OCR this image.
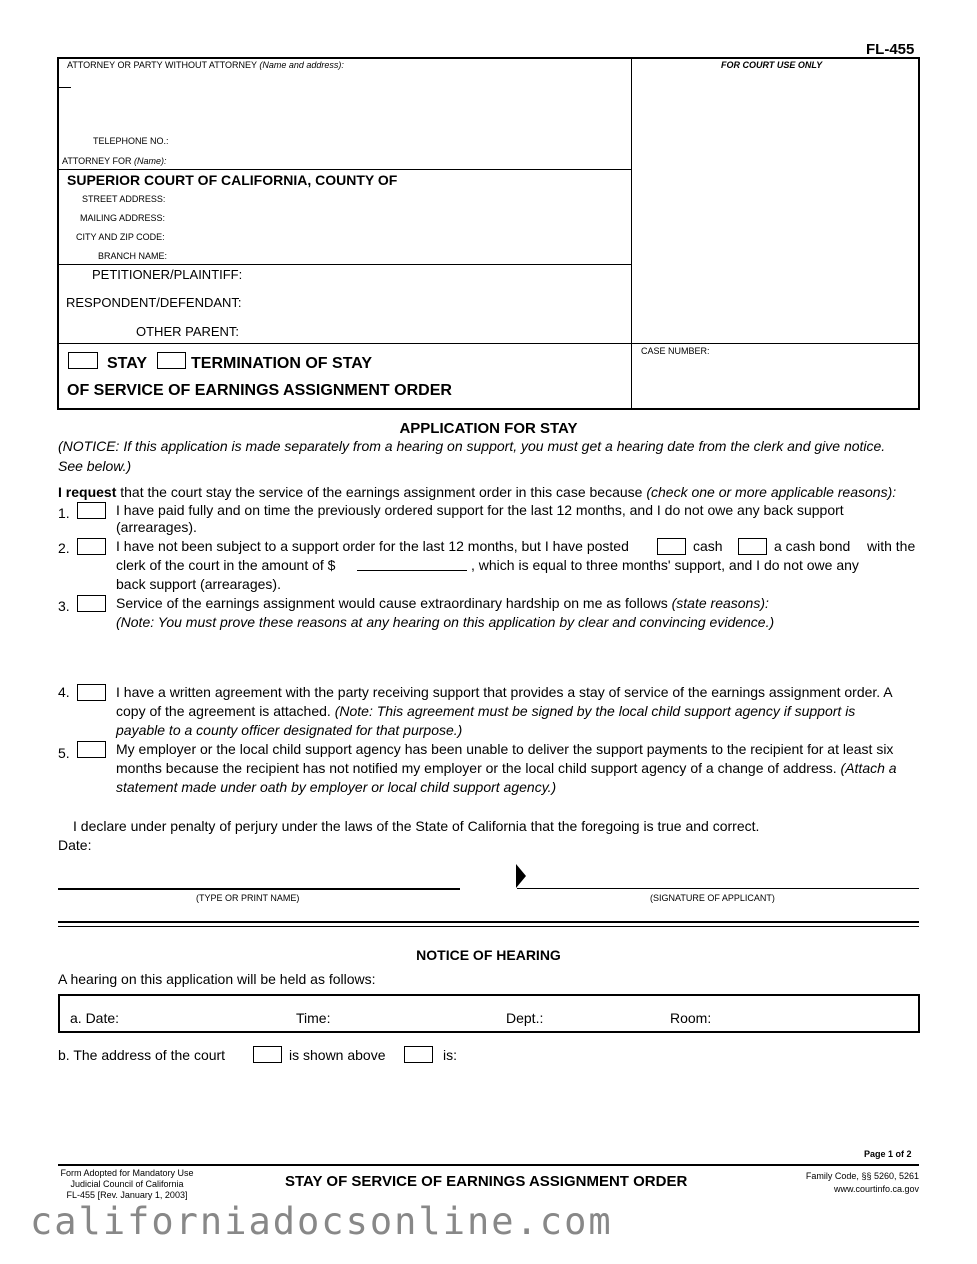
FL-455
ATTORNEY OR PARTY WITHOUT ATTORNEY (Name and address):	FOR COURT USE ONLY
TELEPHONE NO.:
ATTORNEY FOR (Name):
SUPERIOR COURT OF CALIFORNIA, COUNTY OF
STREET ADDRESS:
MAILING ADDRESS:
CITY AND ZIP CODE:
BRANCH NAME:
PETITIONER/PLAINTIFF:
RESPONDENT/DEFENDANT:
OTHER PARENT:
CASE NUMBER:
STAY	TERMINATION OF STAY
OF SERVICE OF EARNINGS ASSIGNMENT ORDER
APPLICATION FOR STAY
(NOTICE: If this application is made separately from a hearing on support, you must get a hearing date from the clerk and give notice.
See below.)
I request that the court stay the service of the earnings assignment order in this case because (check one or more applicable reasons):
1.	I have paid fully and on time the previously ordered support for the last 12 months, and I do not owe any back support
(arrearages).
2.	I have not been subject to a support order for the last 12 months, but I have posted	cash	a cash bond with the
clerk of the court in the amount of $	, which is equal to three months' support, and I do not owe any
back support (arrearages).
3.	Service of the earnings assignment would cause extraordinary hardship on me as follows (state reasons):
(Note: You must prove these reasons at any hearing on this application by clear and convincing evidence.)
4.	I have a written agreement with the party receiving support that provides a stay of service of the earnings assignment order. A
copy of the agreement is attached. (Note: This agreement must be signed by the local child support agency if support is
payable to a county officer designated for that purpose.)
5.	My employer or the local child support agency has been unable to deliver the support payments to the recipient for at least six
months because the recipient has not notified my employer or the local child support agency of a change of address. (Attach a
statement made under oath by employer or local child support agency.)
I declare under penalty of perjury under the laws of the State of California that the foregoing is true and correct.
Date:
(TYPE OR PRINT NAME)	(SIGNATURE OF APPLICANT)
NOTICE OF HEARING
A hearing on this application will be held as follows:
a. Date:	Time:	Dept.:	Room:
b. The address of the court	is shown above	is:
Page 1 of 2
Form Adopted for Mandatory Use
Judicial Council of California
FL-455 [Rev. January 1, 2003]
STAY OF SERVICE OF EARNINGS ASSIGNMENT ORDER	Family Code, §§ 5260, 5261
www.courtinfo.ca.gov
californiadocsonline.com
